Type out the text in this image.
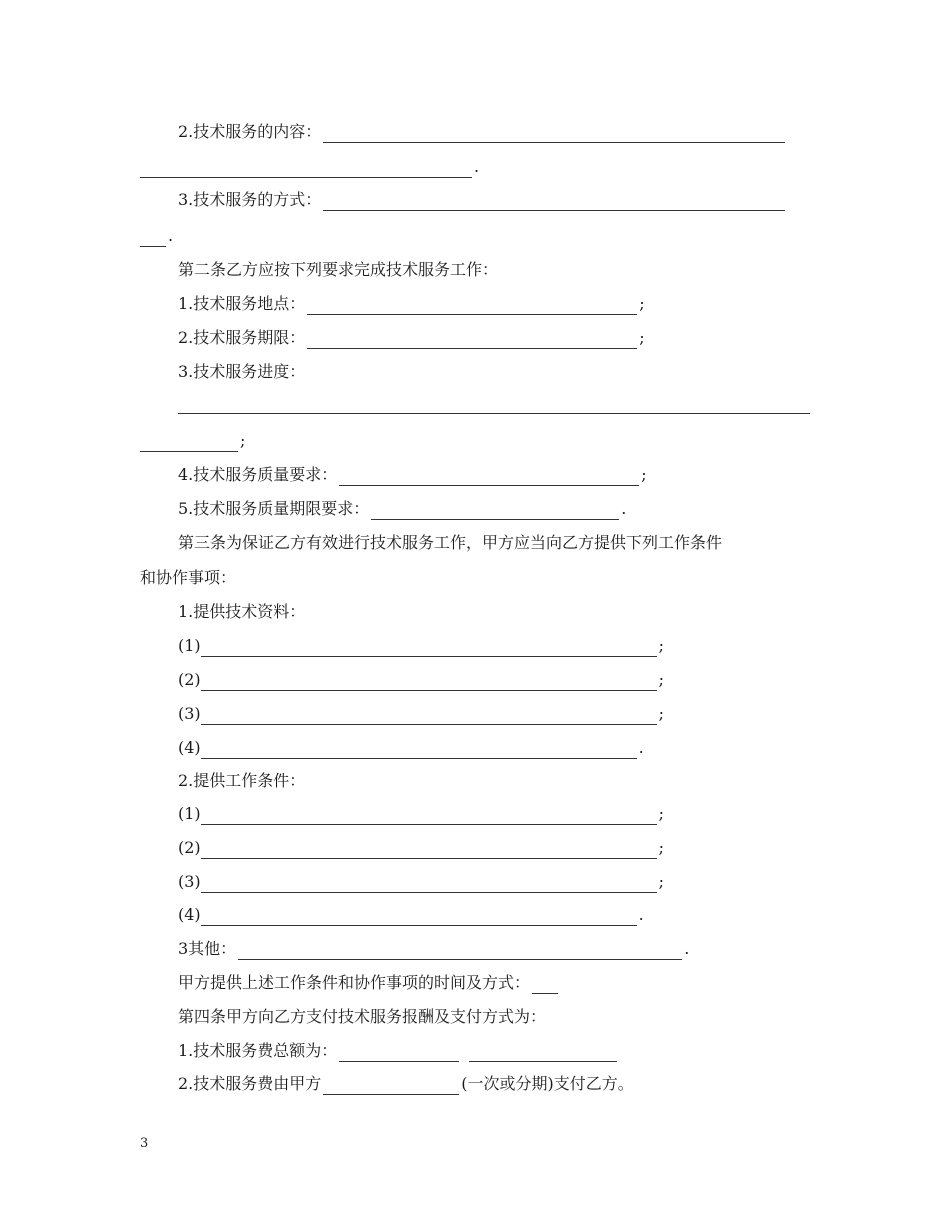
2.技术服务的内容：
.
3.技术服务的方式：
.
第二条乙方应按下列要求完成技术服务工作：
1.技术服务地点：	;
2.技术服务期限：	;
3.技术服务进度：
;
4.技术服务质量要求：	;
5.技术服务质量期限要求：	.
第三条为保证乙方有效进行技术服务工作，甲方应当向乙方提供下列工作条件
和协作事项：
1.提供技术资料：
(1)	;
(2)	;
(3)	;
(4)	.
2.提供工作条件：
(1)	;
(2)	;
(3)	;
(4)	.
3其他：	.
甲方提供上述工作条件和协作事项的时间及方式：
第四条甲方向乙方支付技术服务报酬及支付方式为：
1.技术服务费总额为：
2.技术服务费由甲方	(一次或分期)支付乙方。
3
